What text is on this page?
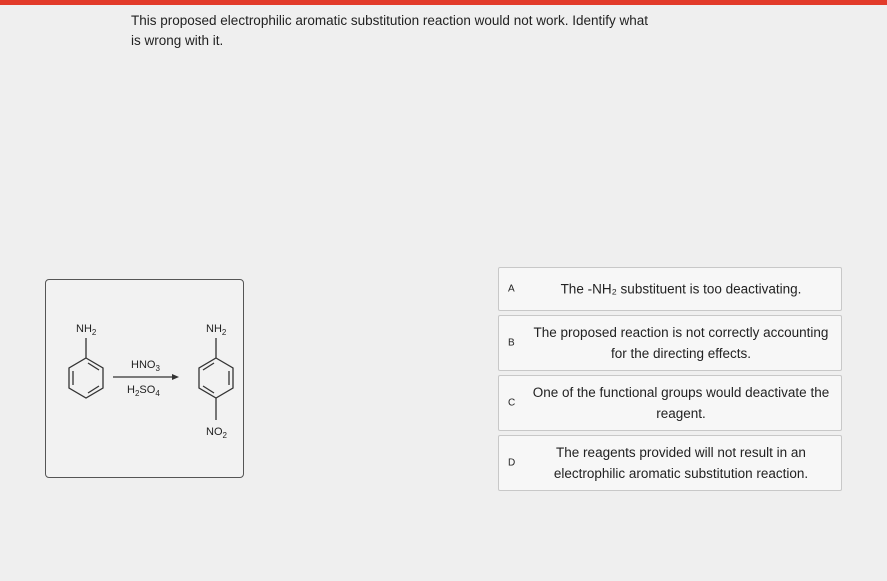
This proposed electrophilic aromatic substitution reaction would not work. Identify what is wrong with it.
$NH_2$
$HNO_3$
$H_2SO_4$
$NH_2$
$NO_2$
A	The -NH₂ substituent is too deactivating.
B
The proposed reaction is not correctly accounting for the directing effects.
C
One of the functional groups would deactivate the reagent.
D
The reagents provided will not result in an electrophilic aromatic substitution reaction.
